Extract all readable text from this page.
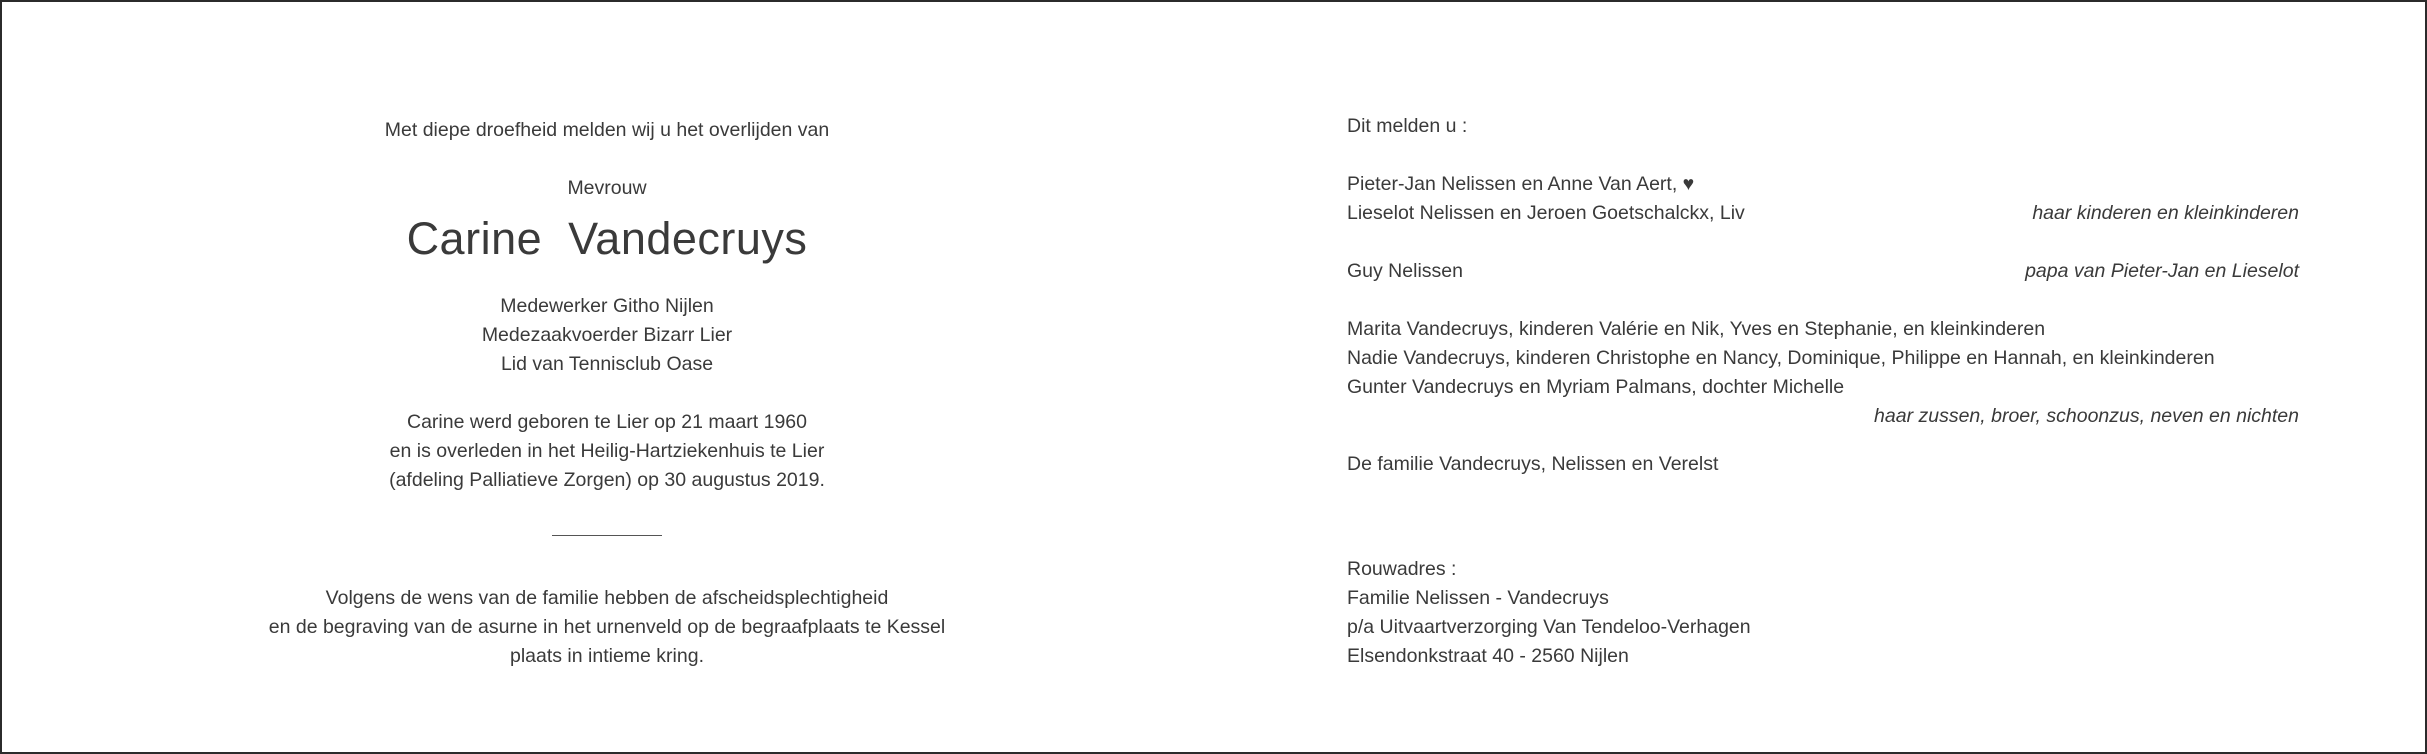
Met diepe droefheid melden wij u het overlijden van
Mevrouw
Carine  Vandecruys
Medewerker Githo Nijlen
Medezaakvoerder Bizarr Lier
Lid van Tennisclub Oase
Carine werd geboren te Lier op 21 maart 1960
en is overleden in het Heilig-Hartziekenhuis te Lier
(afdeling Palliatieve Zorgen) op 30 augustus 2019.
Volgens de wens van de familie hebben de afscheidsplechtigheid
en de begraving van de asurne in het urnenveld op de begraafplaats te Kessel
plaats in intieme kring.
Dit melden u :
Pieter-Jan Nelissen en Anne Van Aert, ♥
Lieselot Nelissen en Jeroen Goetschalckx, Liv	haar kinderen en kleinkinderen
Guy Nelissen	papa van Pieter-Jan en Lieselot
Marita Vandecruys, kinderen Valérie en Nik, Yves en Stephanie, en kleinkinderen
Nadie Vandecruys, kinderen Christophe en Nancy, Dominique, Philippe en Hannah, en kleinkinderen
Gunter Vandecruys en Myriam Palmans, dochter Michelle
haar zussen, broer, schoonzus, neven en nichten
De familie Vandecruys, Nelissen en Verelst
Rouwadres :
Familie Nelissen - Vandecruys
p/a Uitvaartverzorging Van Tendeloo-Verhagen
Elsendonkstraat 40 - 2560 Nijlen
